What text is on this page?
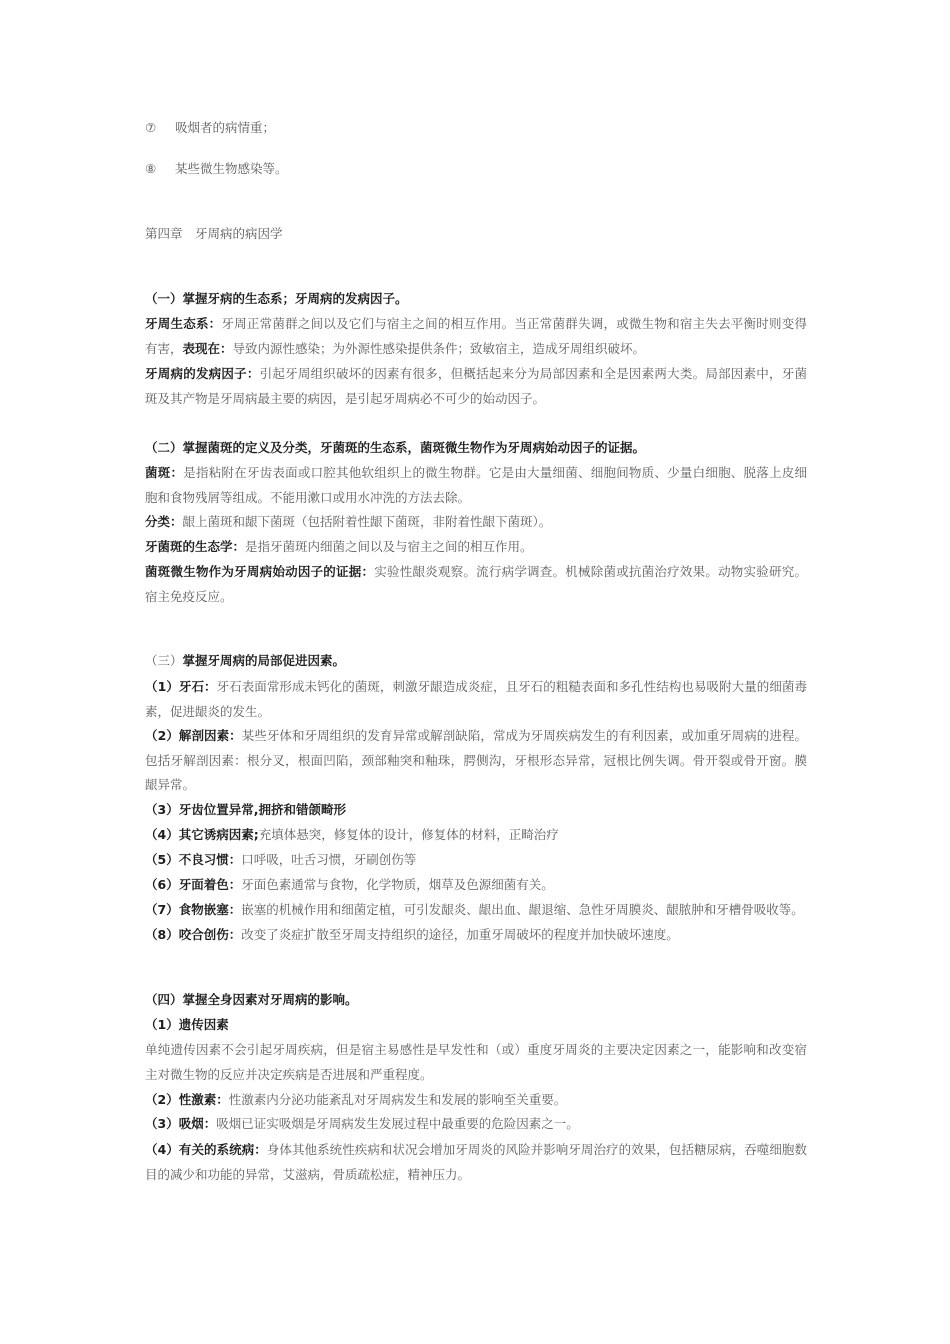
⑦ 吸烟者的病情重；
⑧ 某些微生物感染等。
第四章　牙周病的病因学
（一）掌握牙病的生态系；牙周病的发病因子。
牙周生态系：牙周正常菌群之间以及它们与宿主之间的相互作用。当正常菌群失调，或微生物和宿主失去平衡时则变得有害，表现在：导致内源性感染；为外源性感染提供条件；致敏宿主，造成牙周组织破坏。
牙周病的发病因子：引起牙周组织破坏的因素有很多，但概括起来分为局部因素和全是因素两大类。局部因素中，牙菌斑及其产物是牙周病最主要的病因，是引起牙周病必不可少的始动因子。
（二）掌握菌斑的定义及分类，牙菌斑的生态系，菌斑微生物作为牙周病始动因子的证据。
菌斑：是指粘附在牙齿表面或口腔其他软组织上的微生物群。它是由大量细菌、细胞间物质、少量白细胞、脱落上皮细胞和食物残屑等组成。不能用漱口或用水冲洗的方法去除。
分类：龈上菌斑和龈下菌斑（包括附着性龈下菌斑，非附着性龈下菌斑）。
牙菌斑的生态学：是指牙菌斑内细菌之间以及与宿主之间的相互作用。
菌斑微生物作为牙周病始动因子的证据：实验性龈炎观察。流行病学调查。机械除菌或抗菌治疗效果。动物实验研究。宿主免疫反应。
（三）掌握牙周病的局部促进因素。
（1）牙石：牙石表面常形成未钙化的菌斑，刺激牙龈造成炎症，且牙石的粗糙表面和多孔性结构也易吸附大量的细菌毒素，促进龈炎的发生。
（2）解剖因素：某些牙体和牙周组织的发育异常或解剖缺陷，常成为牙周疾病发生的有利因素，或加重牙周病的进程。包括牙解剖因素：根分叉，根面凹陷，颈部釉突和釉珠，腭侧沟，牙根形态异常，冠根比例失调。骨开裂或骨开窗。膜龈异常。
（3）牙齿位置异常,拥挤和错颌畸形
（4）其它诱病因素;充填体悬突，修复体的设计，修复体的材料，正畸治疗
（5）不良习惯：口呼吸，吐舌习惯，牙刷创伤等
（6）牙面着色：牙面色素通常与食物，化学物质，烟草及色源细菌有关。
（7）食物嵌塞：嵌塞的机械作用和细菌定植，可引发龈炎、龈出血、龈退缩、急性牙周膜炎、龈脓肿和牙槽骨吸收等。
（8）咬合创伤：改变了炎症扩散至牙周支持组织的途径，加重牙周破坏的程度并加快破坏速度。
（四）掌握全身因素对牙周病的影响。
（1）遗传因素
单纯遗传因素不会引起牙周疾病，但是宿主易感性是早发性和（或）重度牙周炎的主要决定因素之一，能影响和改变宿主对微生物的反应并决定疾病是否进展和严重程度。
（2）性激素：性激素内分泌功能紊乱对牙周病发生和发展的影响至关重要。
（3）吸烟：吸烟已证实吸烟是牙周病发生发展过程中最重要的危险因素之一。
（4）有关的系统病：身体其他系统性疾病和状况会增加牙周炎的风险并影响牙周治疗的效果，包括糖尿病，吞噬细胞数目的减少和功能的异常，艾滋病，骨质疏松症，精神压力。
